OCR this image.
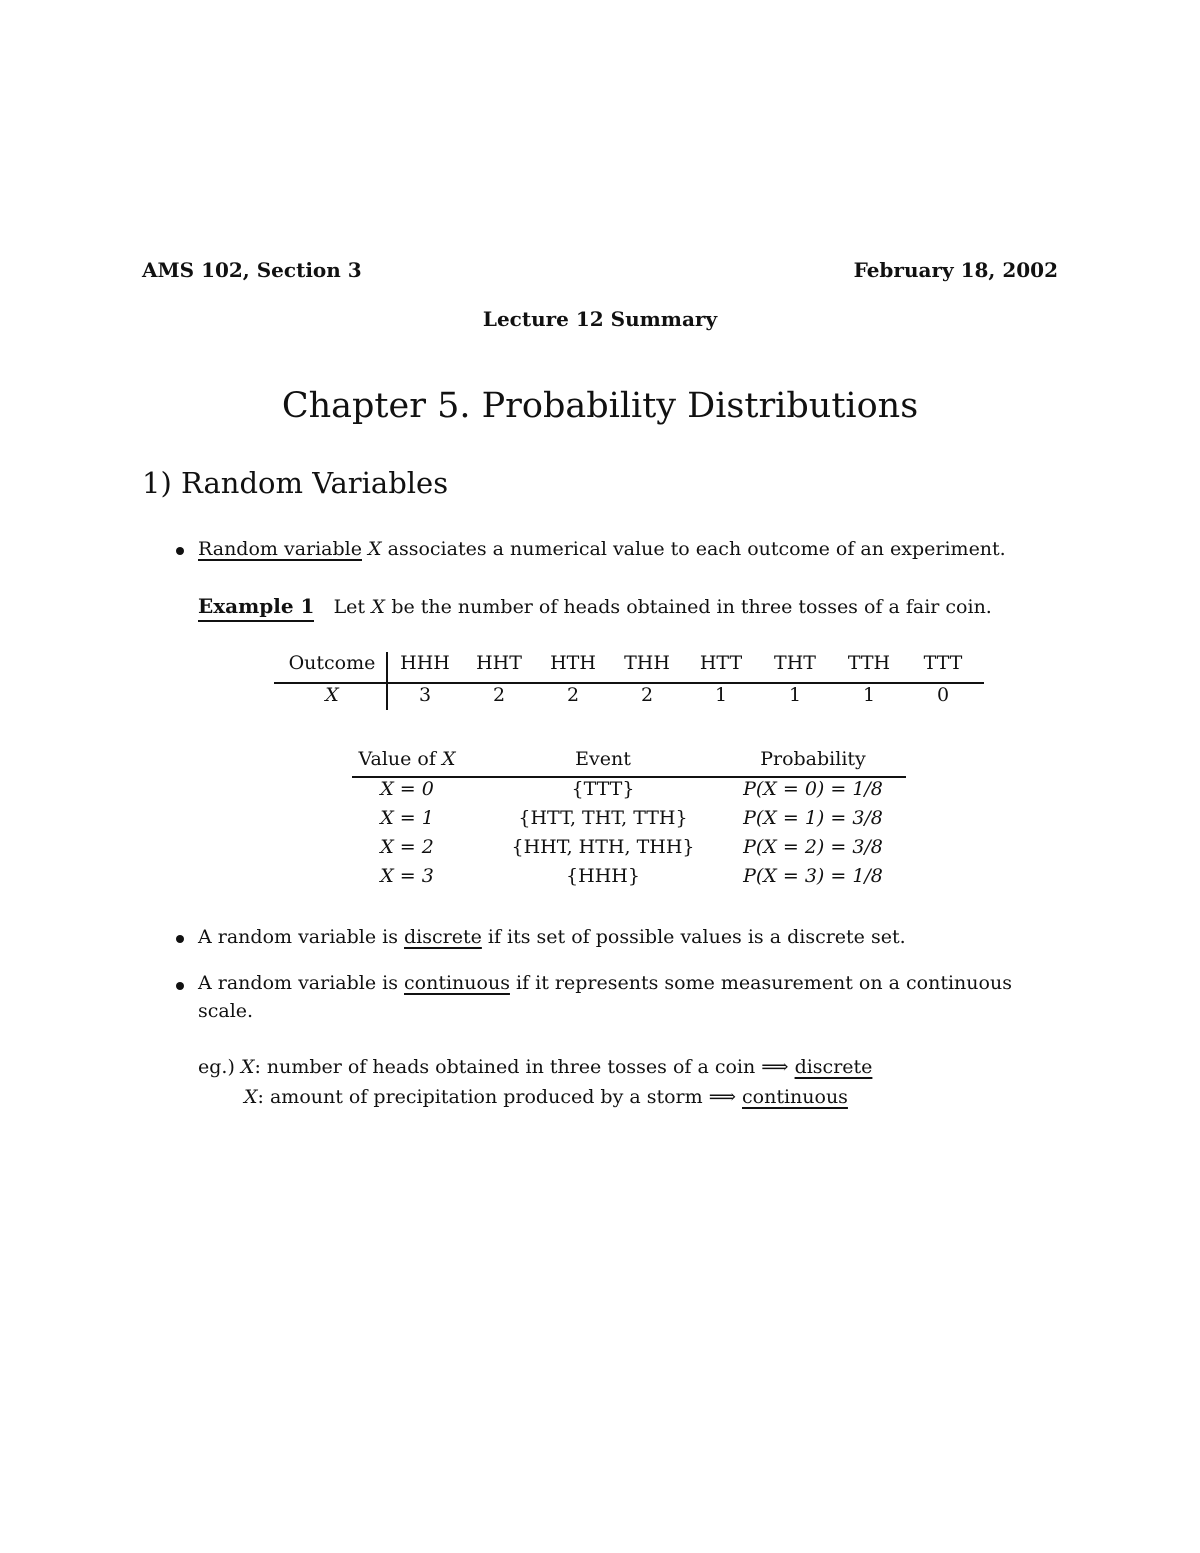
AMS 102, Section 3	February 18, 2002
Lecture 12 Summary
Chapter 5. Probability Distributions
1) Random Variables
Random variable X associates a numerical value to each outcome of an experiment.
Example 1 Let X be the number of heads obtained in three tosses of a fair coin.
Outcome	HHH	HHT	HTH	THH	HTT	THT	TTH	TTT
X	3	2	2	2	1	1	1	0
Value of X	Event	Probability
X = 0	{TTT}	P(X = 0) = 1/8
X = 1	{HTT, THT, TTH}	P(X = 1) = 3/8
X = 2	{HHT, HTH, THH}	P(X = 2) = 3/8
X = 3	{HHH}	P(X = 3) = 1/8
A random variable is discrete if its set of possible values is a discrete set.
A random variable is continuous if it represents some measurement on a continuous
scale.
eg.) X: number of heads obtained in three tosses of a coin ⟹ discrete
X: amount of precipitation produced by a storm ⟹ continuous
